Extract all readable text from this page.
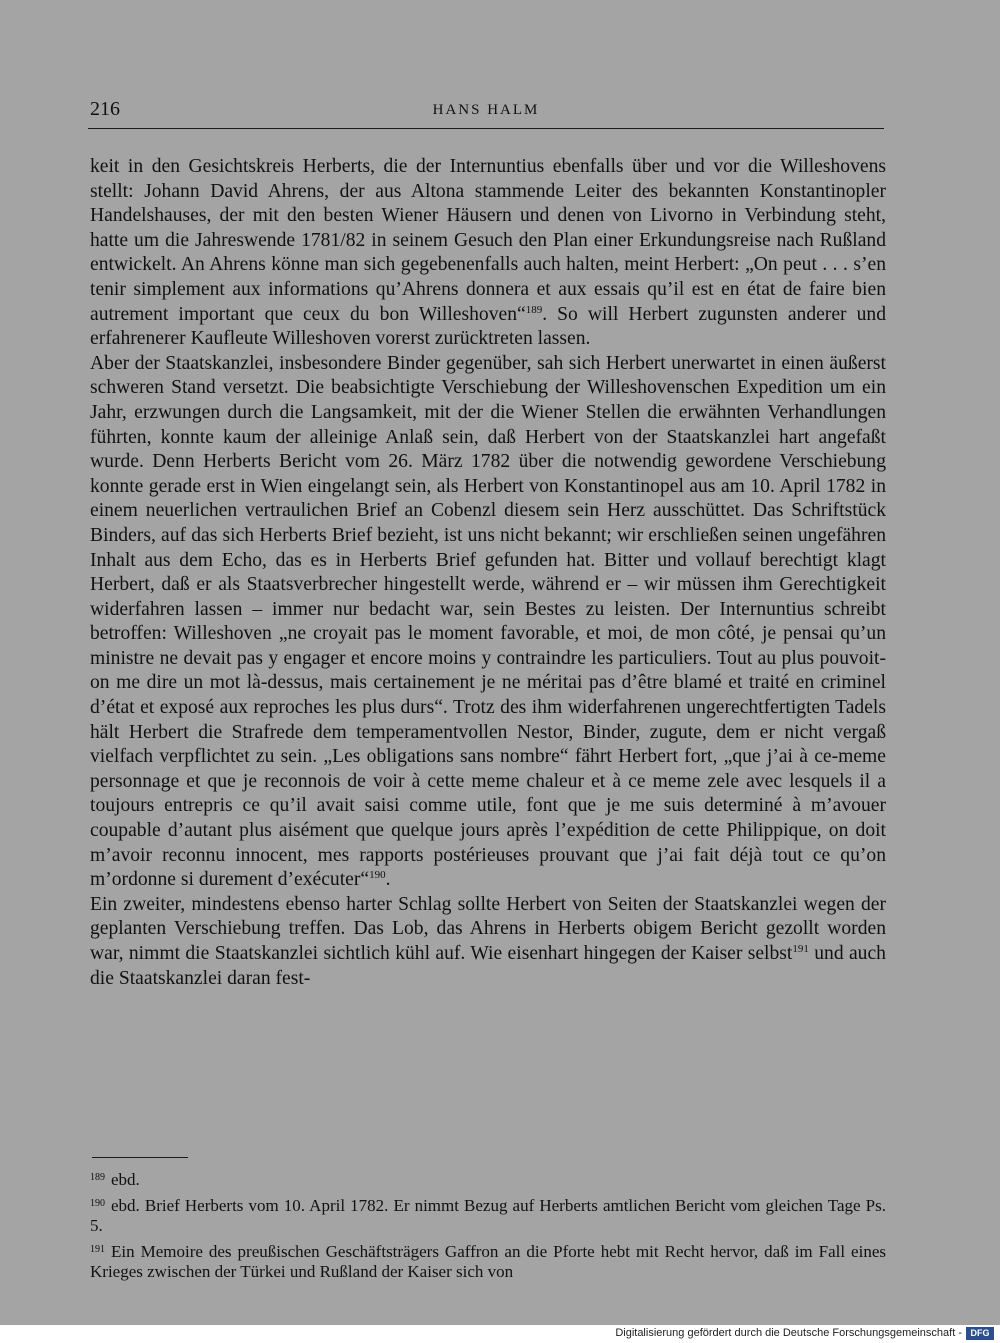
216	HANS HALM

keit in den Gesichtskreis Herberts, die der Internuntius ebenfalls über und vor die Willeshovens stellt: Johann David Ahrens, der aus Altona stammende Leiter des bekannten Konstantinopler Handelshauses, der mit den besten Wiener Häusern und denen von Livorno in Verbindung steht, hatte um die Jahreswende 1781/82 in seinem Gesuch den Plan einer Erkundungsreise nach Rußland entwickelt. An Ahrens könne man sich gegebenenfalls auch halten, meint Herbert: „On peut . . . s’en tenir simplement aux informations qu’Ahrens donnera et aux essais qu’il est en état de faire bien autrement important que ceux du bon Willeshoven“$^{189}$. So will Herbert zugunsten anderer und erfahrenerer Kaufleute Willeshoven vorerst zurücktreten lassen.

Aber der Staatskanzlei, insbesondere Binder gegenüber, sah sich Herbert unerwartet in einen äußerst schweren Stand versetzt. Die beabsichtigte Verschiebung der Willeshovenschen Expedition um ein Jahr, erzwungen durch die Langsamkeit, mit der die Wiener Stellen die erwähnten Verhandlungen führten, konnte kaum der alleinige Anlaß sein, daß Herbert von der Staatskanzlei hart angefaßt wurde. Denn Herberts Bericht vom 26. März 1782 über die notwendig gewordene Verschiebung konnte gerade erst in Wien eingelangt sein, als Herbert von Konstantinopel aus am 10. April 1782 in einem neuerlichen vertraulichen Brief an Cobenzl diesem sein Herz ausschüttet. Das Schriftstück Binders, auf das sich Herberts Brief bezieht, ist uns nicht bekannt; wir erschließen seinen ungefähren Inhalt aus dem Echo, das es in Herberts Brief gefunden hat. Bitter und vollauf berechtigt klagt Herbert, daß er als Staatsverbrecher hingestellt werde, während er – wir müssen ihm Gerechtigkeit widerfahren lassen – immer nur bedacht war, sein Bestes zu leisten. Der Internuntius schreibt betroffen: Willeshoven „ne croyait pas le moment favorable, et moi, de mon côté, je pensai qu’un ministre ne devait pas y engager et encore moins y contraindre les particuliers. Tout au plus pouvoit-on me dire un mot là-dessus, mais certainement je ne méritai pas d’être blamé et traité en criminel d’état et exposé aux reproches les plus durs“. Trotz des ihm widerfahrenen ungerechtfertigten Tadels hält Herbert die Strafrede dem temperamentvollen Nestor, Binder, zugute, dem er nicht vergaß vielfach verpflichtet zu sein. „Les obligations sans nombre“ fährt Herbert fort, „que j’ai à ce-meme personnage et que je reconnois de voir à cette meme chaleur et à ce meme zele avec lesquels il a toujours entrepris ce qu’il avait saisi comme utile, font que je me suis determiné à m’avouer coupable d’autant plus aisément que quelque jours après l’expédition de cette Philippique, on doit m’avoir reconnu innocent, mes rapports postérieuses prouvant que j’ai fait déjà tout ce qu’on m’ordonne si durement d’exécuter“$^{190}$.

Ein zweiter, mindestens ebenso harter Schlag sollte Herbert von Seiten der Staatskanzlei wegen der geplanten Verschiebung treffen. Das Lob, das Ahrens in Herberts obigem Bericht gezollt worden war, nimmt die Staatskanzlei sichtlich kühl auf. Wie eisenhart hingegen der Kaiser selbst$^{191}$ und auch die Staatskanzlei daran fest-

$^{189}$ ebd.

$^{190}$ ebd. Brief Herberts vom 10. April 1782. Er nimmt Bezug auf Herberts amtlichen Bericht vom gleichen Tage Ps. 5.

$^{191}$ Ein Memoire des preußischen Geschäftsträgers Gaffron an die Pforte hebt mit Recht hervor, daß im Fall eines Krieges zwischen der Türkei und Rußland der Kaiser sich von

Digitalisierung gefördert durch die Deutsche Forschungsgemeinschaft - DFG
